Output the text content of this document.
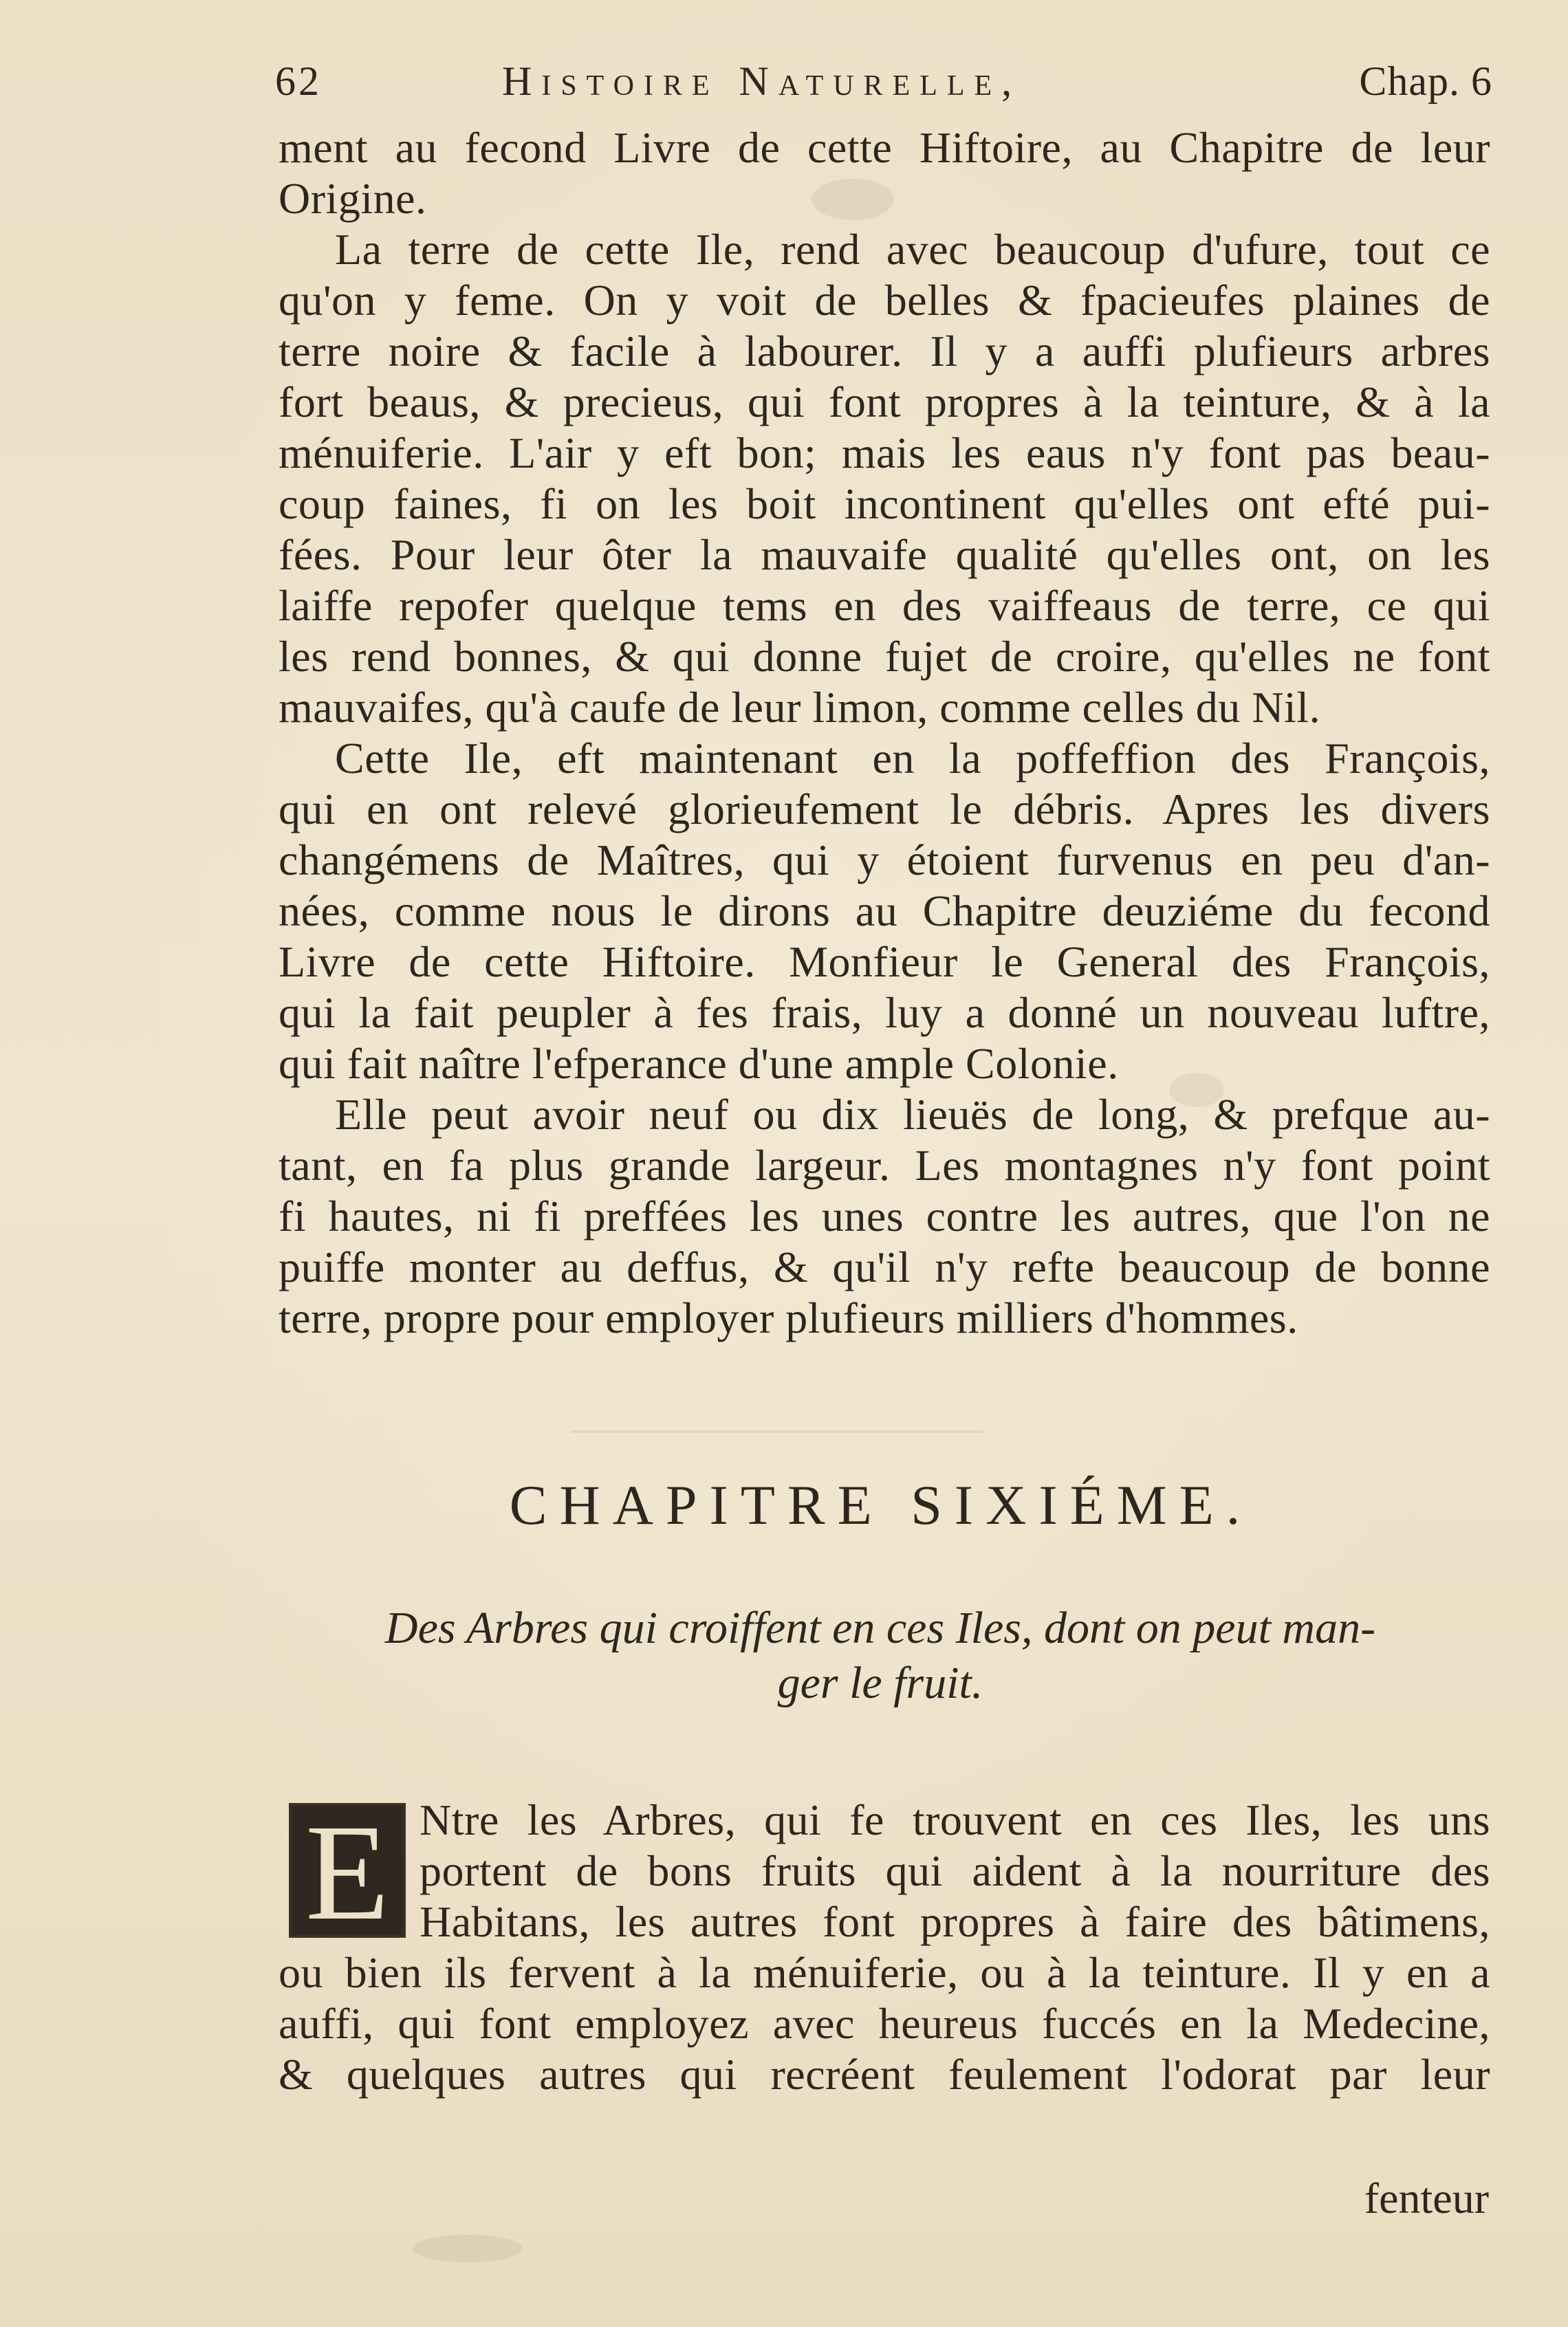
62	Histoire Naturelle,	Chap. 6
ment au fecond Livre de cette Hiftoire, au Chapitre de leur
Origine.
La terre de cette Ile, rend avec beaucoup d'ufure, tout ce
qu'on y feme. On y voit de belles & fpacieufes plaines de
terre noire & facile à labourer. Il y a auffi plufieurs arbres
fort beaus, & precieus, qui font propres à la teinture, & à la
ménuiferie. L'air y eft bon; mais les eaus n'y font pas beau-
coup faines, fi on les boit incontinent qu'elles ont efté pui-
fées. Pour leur ôter la mauvaife qualité qu'elles ont, on les
laiffe repofer quelque tems en des vaiffeaus de terre, ce qui
les rend bonnes, & qui donne fujet de croire, qu'elles ne font
mauvaifes, qu'à caufe de leur limon, comme celles du Nil.
Cette Ile, eft maintenant en la poffeffion des François,
qui en ont relevé glorieufement le débris. Apres les divers
changémens de Maîtres, qui y étoient furvenus en peu d'an-
nées, comme nous le dirons au Chapitre deuziéme du fecond
Livre de cette Hiftoire. Monfieur le General des François,
qui la fait peupler à fes frais, luy a donné un nouveau luftre,
qui fait naître l'efperance d'une ample Colonie.
Elle peut avoir neuf ou dix lieuës de long, & prefque au-
tant, en fa plus grande largeur. Les montagnes n'y font point
fi hautes, ni fi preffées les unes contre les autres, que l'on ne
puiffe monter au deffus, & qu'il n'y refte beaucoup de bonne
terre, propre pour employer plufieurs milliers d'hommes.
CHAPITRE SIXIÉME.
Des Arbres qui croiffent en ces Iles, dont on peut man-
ger le fruit.
E Ntre les Arbres, qui fe trouvent en ces Iles, les uns
portent de bons fruits qui aident à la nourriture des
Habitans, les autres font propres à faire des bâtimens,
ou bien ils fervent à la ménuiferie, ou à la teinture. Il y en a
auffi, qui font employez avec heureus fuccés en la Medecine,
& quelques autres qui recréent feulement l'odorat par leur
fenteur
